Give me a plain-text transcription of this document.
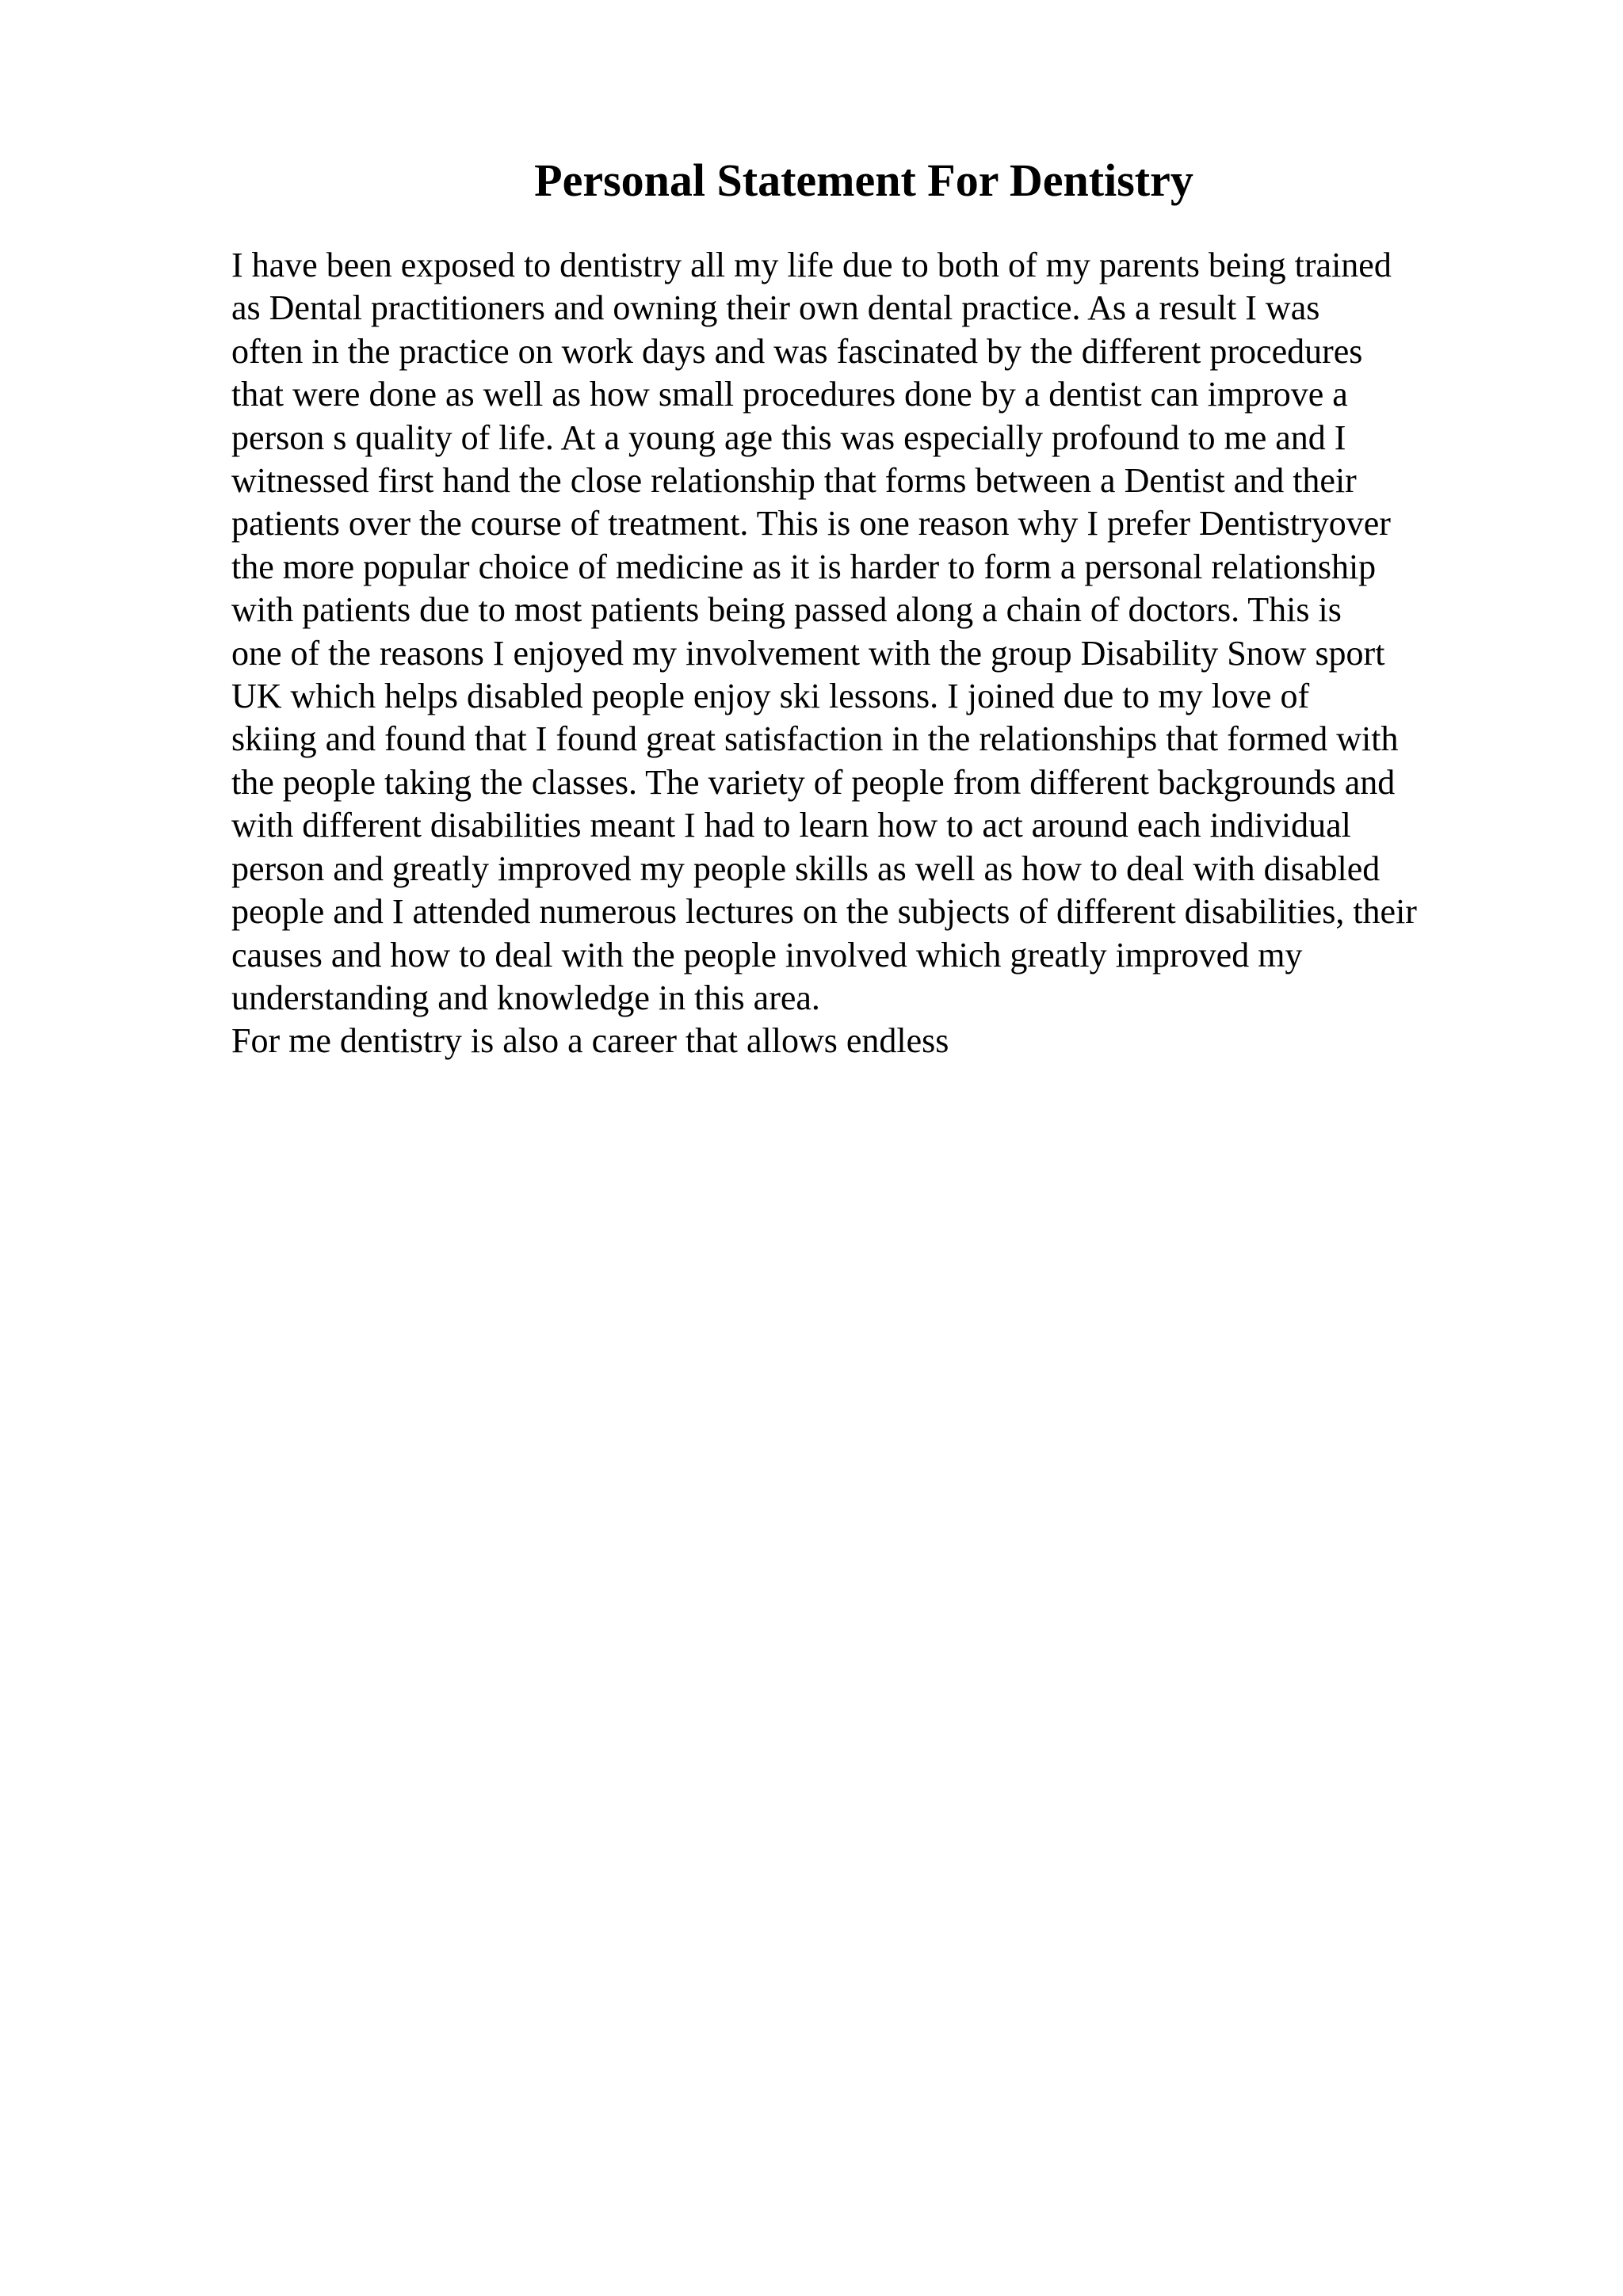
Personal Statement For Dentistry
I have been exposed to dentistry all my life due to both of my parents being trained
as Dental practitioners and owning their own dental practice. As a result I was
often in the practice on work days and was fascinated by the different procedures
that were done as well as how small procedures done by a dentist can improve a
person s quality of life. At a young age this was especially profound to me and I
witnessed first hand the close relationship that forms between a Dentist and their
patients over the course of treatment. This is one reason why I prefer Dentistryover
the more popular choice of medicine as it is harder to form a personal relationship
with patients due to most patients being passed along a chain of doctors. This is
one of the reasons I enjoyed my involvement with the group Disability Snow sport
UK which helps disabled people enjoy ski lessons. I joined due to my love of
skiing and found that I found great satisfaction in the relationships that formed with
the people taking the classes. The variety of people from different backgrounds and
with different disabilities meant I had to learn how to act around each individual
person and greatly improved my people skills as well as how to deal with disabled
people and I attended numerous lectures on the subjects of different disabilities, their
causes and how to deal with the people involved which greatly improved my
understanding and knowledge in this area.
For me dentistry is also a career that allows endless
